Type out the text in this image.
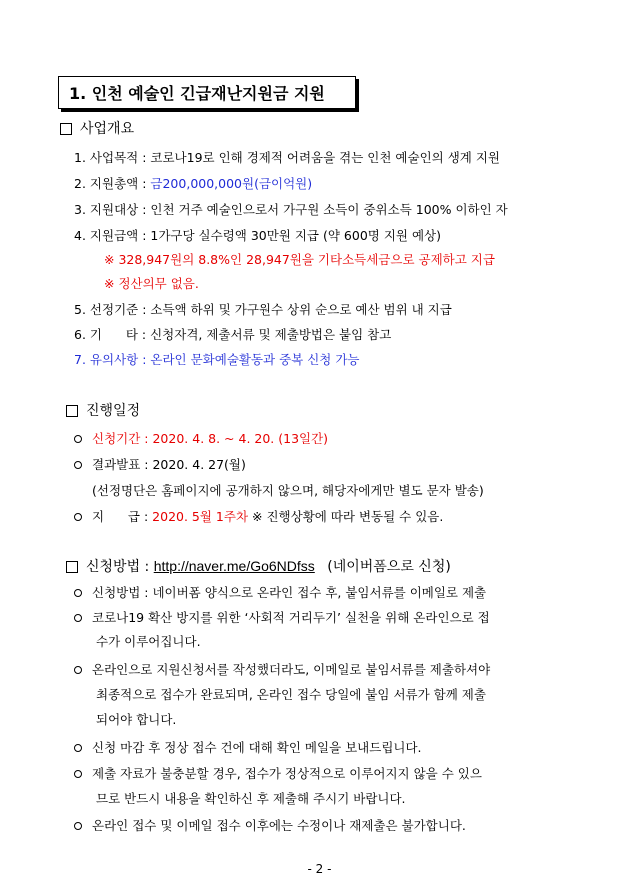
1. 인천 예술인 긴급재난지원금 지원
사업개요
1. 사업목적 : 코로나19로 인해 경제적 어려움을 겪는 인천 예술인의 생계 지원
2. 지원총액 : 금200,000,000원(금이억원)
3. 지원대상 : 인천 거주 예술인으로서 가구원 소득이 중위소득 100% 이하인 자
4. 지원금액 : 1가구당 실수령액 30만원 지급 (약 600명 지원 예상)
※ 328,947원의 8.8%인 28,947원을 기타소득세금으로 공제하고 지급
※ 정산의무 없음.
5. 선정기준 : 소득액 하위 및 가구원수 상위 순으로 예산 범위 내 지급
6. 기      타 : 신청자격, 제출서류 및 제출방법은 붙임 참고
7. 유의사항 : 온라인 문화예술활동과 중복 신청 가능
진행일정
신청기간 : 2020. 4. 8. ~ 4. 20. (13일간)
결과발표 : 2020. 4. 27(월)
(선정명단은 홈페이지에 공개하지 않으며, 해당자에게만 별도 문자 발송)
지      급 : 2020. 5월 1주차 ※ 진행상황에 따라 변동될 수 있음.
신청방법 : http://naver.me/Go6NDfss (네이버폼으로 신청)
신청방법 : 네이버폼 양식으로 온라인 접수 후, 붙임서류를 이메일로 제출
코로나19 확산 방지를 위한 ‘사회적 거리두기’ 실천을 위해 온라인으로 접
수가 이루어집니다.
온라인으로 지원신청서를 작성했더라도, 이메일로 붙임서류를 제출하셔야
최종적으로 접수가 완료되며, 온라인 접수 당일에 붙임 서류가 함께 제출
되어야 합니다.
신청 마감 후 정상 접수 건에 대해 확인 메일을 보내드립니다.
제출 자료가 불충분할 경우, 접수가 정상적으로 이루어지지 않을 수 있으
므로 반드시 내용을 확인하신 후 제출해 주시기 바랍니다.
온라인 접수 및 이메일 접수 이후에는 수정이나 재제출은 불가합니다.
- 2 -
